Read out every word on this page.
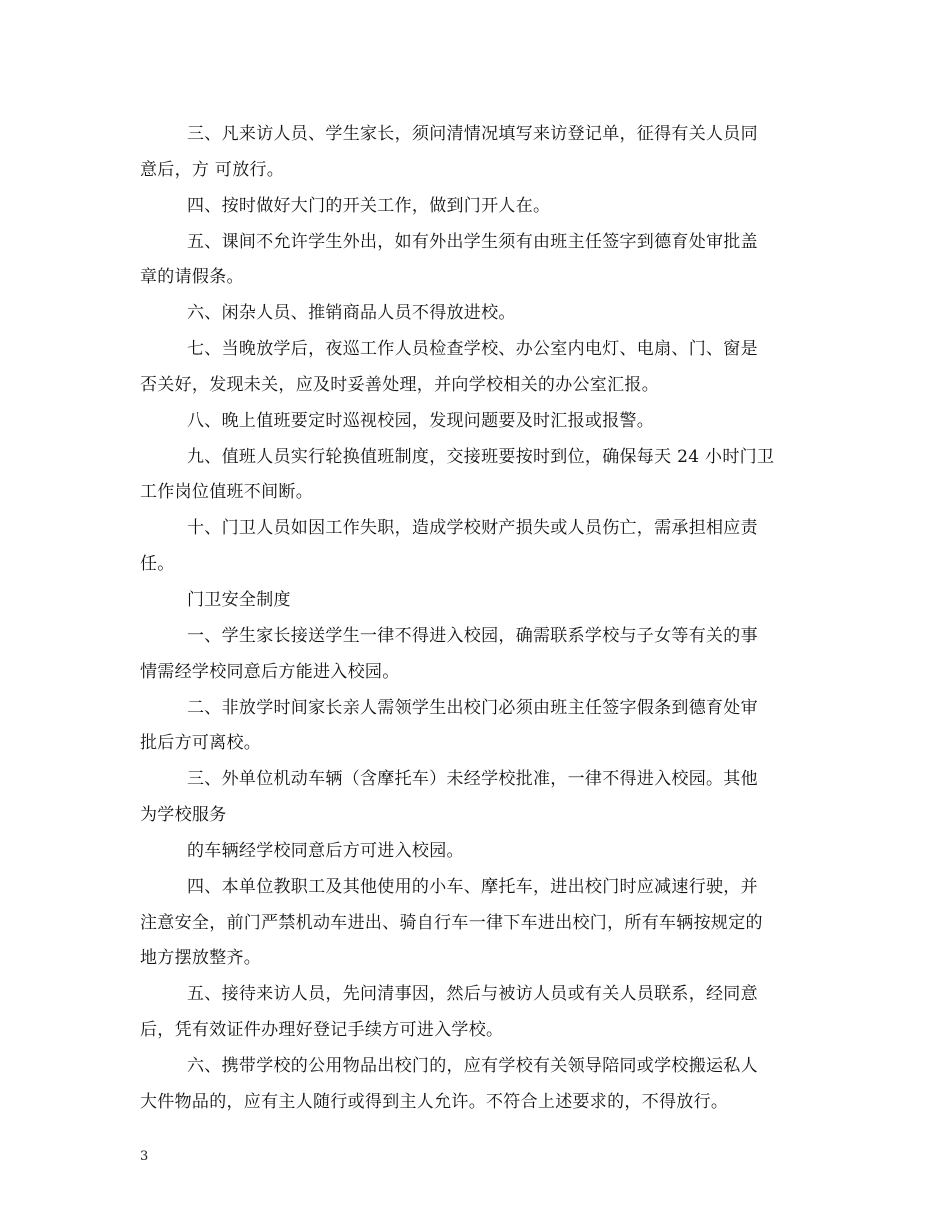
三、凡来访人员、学生家长，须问清情况填写来访登记单，征得有关人员同
意后，方 可放行。
四、按时做好大门的开关工作，做到门开人在。
五、课间不允许学生外出，如有外出学生须有由班主任签字到德育处审批盖
章的请假条。
六、闲杂人员、推销商品人员不得放进校。
七、当晚放学后，夜巡工作人员检查学校、办公室内电灯、电扇、门、窗是
否关好，发现未关，应及时妥善处理，并向学校相关的办公室汇报。
八、晚上值班要定时巡视校园，发现问题要及时汇报或报警。
九、值班人员实行轮换值班制度，交接班要按时到位，确保每天 24 小时门卫
工作岗位值班不间断。
十、门卫人员如因工作失职，造成学校财产损失或人员伤亡，需承担相应责
任。
门卫安全制度
一、学生家长接送学生一律不得进入校园，确需联系学校与子女等有关的事
情需经学校同意后方能进入校园。
二、非放学时间家长亲人需领学生出校门必须由班主任签字假条到德育处审
批后方可离校。
三、外单位机动车辆（含摩托车）未经学校批准，一律不得进入校园。其他
为学校服务
的车辆经学校同意后方可进入校园。
四、本单位教职工及其他使用的小车、摩托车，进出校门时应减速行驶，并
注意安全，前门严禁机动车进出、骑自行车一律下车进出校门，所有车辆按规定的
地方摆放整齐。
五、接待来访人员，先问清事因，然后与被访人员或有关人员联系，经同意
后，凭有效证件办理好登记手续方可进入学校。
六、携带学校的公用物品出校门的，应有学校有关领导陪同或学校搬运私人
大件物品的，应有主人随行或得到主人允许。不符合上述要求的，不得放行。
3
